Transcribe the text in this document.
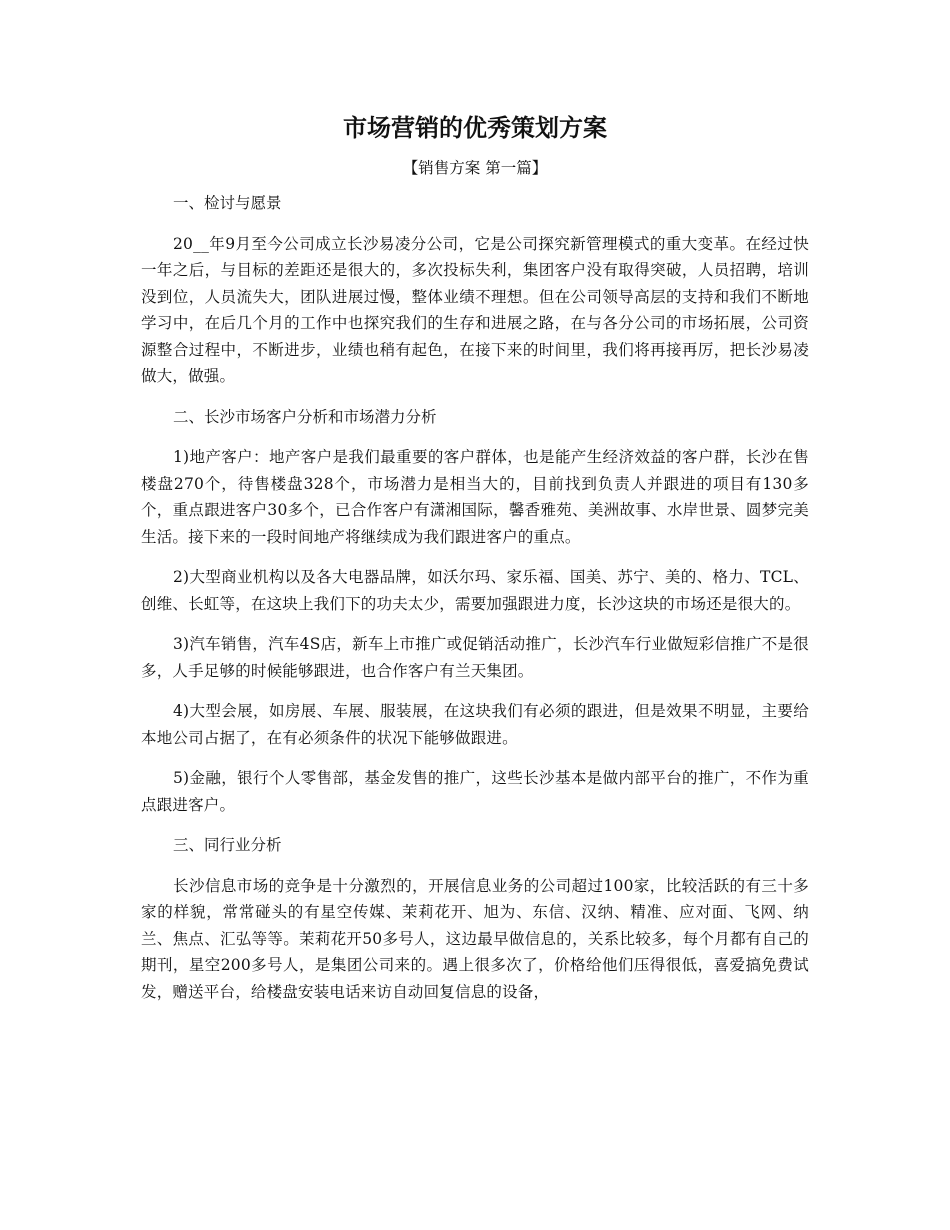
市场营销的优秀策划方案

【销售方案 第一篇】

一、检讨与愿景

20__年9月至今公司成立长沙易凌分公司，它是公司探究新管理模式的重大变革。在经过快一年之后，与目标的差距还是很大的，多次投标失利，集团客户没有取得突破，人员招聘，培训没到位，人员流失大，团队进展过慢，整体业绩不理想。但在公司领导高层的支持和我们不断地学习中，在后几个月的工作中也探究我们的生存和进展之路，在与各分公司的市场拓展，公司资源整合过程中，不断进步，业绩也稍有起色，在接下来的时间里，我们将再接再厉，把长沙易凌做大，做强。

二、长沙市场客户分析和市场潜力分析

1)地产客户：地产客户是我们最重要的客户群体，也是能产生经济效益的客户群，长沙在售楼盘270个，待售楼盘328个，市场潜力是相当大的，目前找到负责人并跟进的项目有130多个，重点跟进客户30多个，已合作客户有潇湘国际，馨香雅苑、美洲故事、水岸世景、圆梦完美生活。接下来的一段时间地产将继续成为我们跟进客户的重点。

2)大型商业机构以及各大电器品牌，如沃尔玛、家乐福、国美、苏宁、美的、格力、TCL、创维、长虹等，在这块上我们下的功夫太少，需要加强跟进力度，长沙这块的市场还是很大的。

3)汽车销售，汽车4S店，新车上市推广或促销活动推广，长沙汽车行业做短彩信推广不是很多，人手足够的时候能够跟进，也合作客户有兰天集团。

4)大型会展，如房展、车展、服装展，在这块我们有必须的跟进，但是效果不明显，主要给本地公司占据了，在有必须条件的状况下能够做跟进。

5)金融，银行个人零售部，基金发售的推广，这些长沙基本是做内部平台的推广，不作为重点跟进客户。

三、同行业分析

长沙信息市场的竞争是十分激烈的，开展信息业务的公司超过100家，比较活跃的有三十多家的样貌，常常碰头的有星空传媒、茉莉花开、旭为、东信、汉纳、精准、应对面、飞网、纳兰、焦点、汇弘等等。茉莉花开50多号人，这边最早做信息的，关系比较多，每个月都有自己的期刊，星空200多号人，是集团公司来的。遇上很多次了，价格给他们压得很低，喜爱搞免费试发，赠送平台，给楼盘安装电话来访自动回复信息的设备，
